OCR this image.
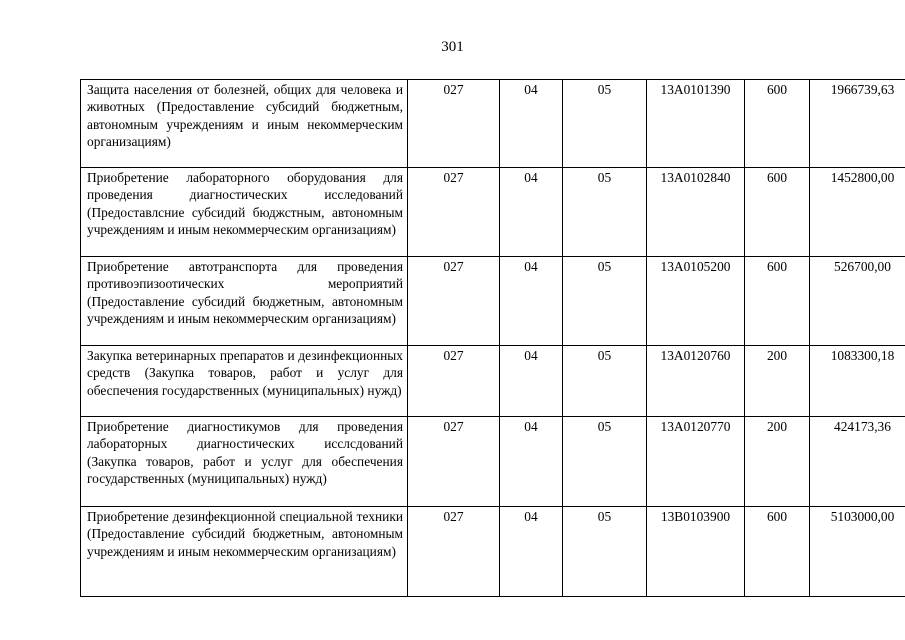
301
Защита населения от болезней, общих для человека и животных (Предоставление субсидий бюджетным, автономным учреждениям и иным некоммерческим организациям)	027	04	05	13А0101390	600	1966739,63

Приобретение лабораторного оборудования для проведения диагностических исследований (Предоставлсние субсидий бюджстным, автономным учреждениям и иным некоммерческим организациям)	027	04	05	13А0102840	600	1452800,00

Приобретение автотранспорта для проведения противоэпизоотических мероприятий (Предоставление субсидий бюджетным, автономным учреждениям и иным некоммерческим организациям)	027	04	05	13А0105200	600	526700,00

Закупка ветеринарных препаратов и дезинфекционных средств (Закупка товаров, работ и услуг для обеспечения государственных (муниципальных) нужд)	027	04	05	13А0120760	200	1083300,18

Приобретение диагностикумов для проведения лабораторных диагностических исслсдований (Закупка товаров, работ и услуг для обеспечения государственных (муниципальных) нужд)	027	04	05	13А0120770	200	424173,36

Приобретение дезинфекционной специальной техники (Предоставление субсидий бюджетным, автономным учреждениям и иным некоммерческим организациям)	027	04	05	13В0103900	600	5103000,00
